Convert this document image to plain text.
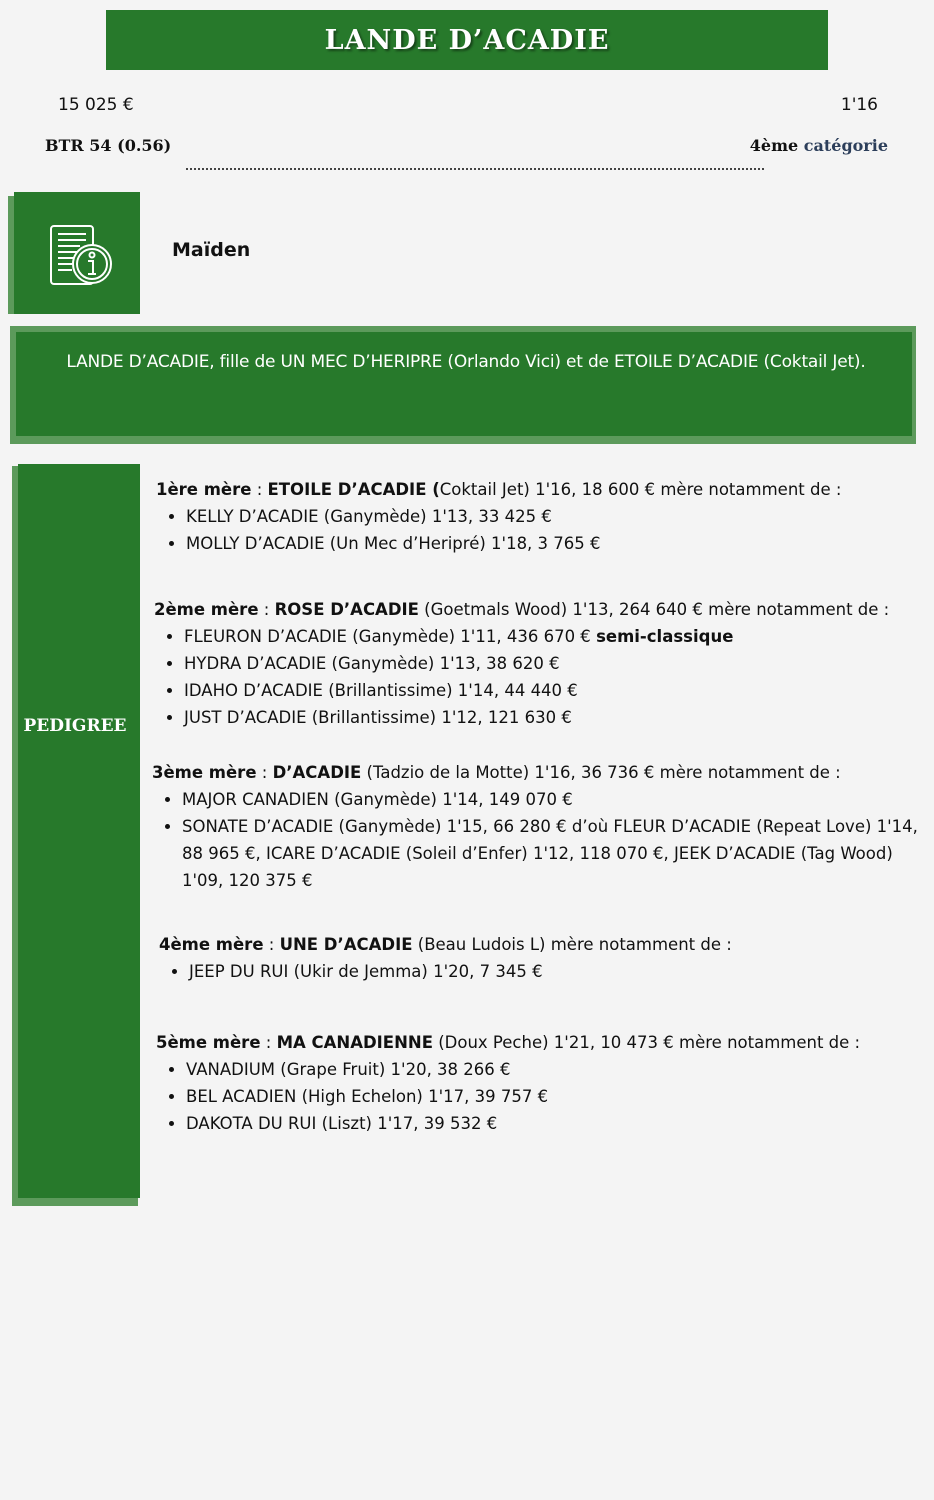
LANDE D’ACADIE
15 025 €	1'16
BTR 54 (0.56)	4ème catégorie
Maïden
LANDE D’ACADIE, fille de UN MEC D’HERIPRE (Orlando Vici) et de ETOILE D’ACADIE (Coktail Jet).
PEDIGREE
1ère mère : ETOILE D’ACADIE (Coktail Jet) 1'16, 18 600 € mère notamment de :
• KELLY D’ACADIE (Ganymède) 1'13, 33 425 €
• MOLLY D’ACADIE (Un Mec d’Heripré) 1'18, 3 765 €
2ème mère : ROSE D’ACADIE (Goetmals Wood) 1'13, 264 640 € mère notamment de :
• FLEURON D’ACADIE (Ganymède) 1'11, 436 670 € semi-classique
• HYDRA D’ACADIE (Ganymède) 1'13, 38 620 €
• IDAHO D’ACADIE (Brillantissime) 1'14, 44 440 €
• JUST D’ACADIE (Brillantissime) 1'12, 121 630 €
3ème mère : D’ACADIE (Tadzio de la Motte) 1'16, 36 736 € mère notamment de :
• MAJOR CANADIEN (Ganymède) 1'14, 149 070 €
• SONATE D’ACADIE (Ganymède) 1'15, 66 280 € d’où FLEUR D’ACADIE (Repeat Love) 1'14, 88 965 €, ICARE D’ACADIE (Soleil d’Enfer) 1'12, 118 070 €, JEEK D’ACADIE (Tag Wood) 1'09, 120 375 €
4ème mère : UNE D’ACADIE (Beau Ludois L) mère notamment de :
• JEEP DU RUI (Ukir de Jemma) 1'20, 7 345 €
5ème mère : MA CANADIENNE (Doux Peche) 1'21, 10 473 € mère notamment de :
• VANADIUM (Grape Fruit) 1'20, 38 266 €
• BEL ACADIEN (High Echelon) 1'17, 39 757 €
• DAKOTA DU RUI (Liszt) 1'17, 39 532 €
